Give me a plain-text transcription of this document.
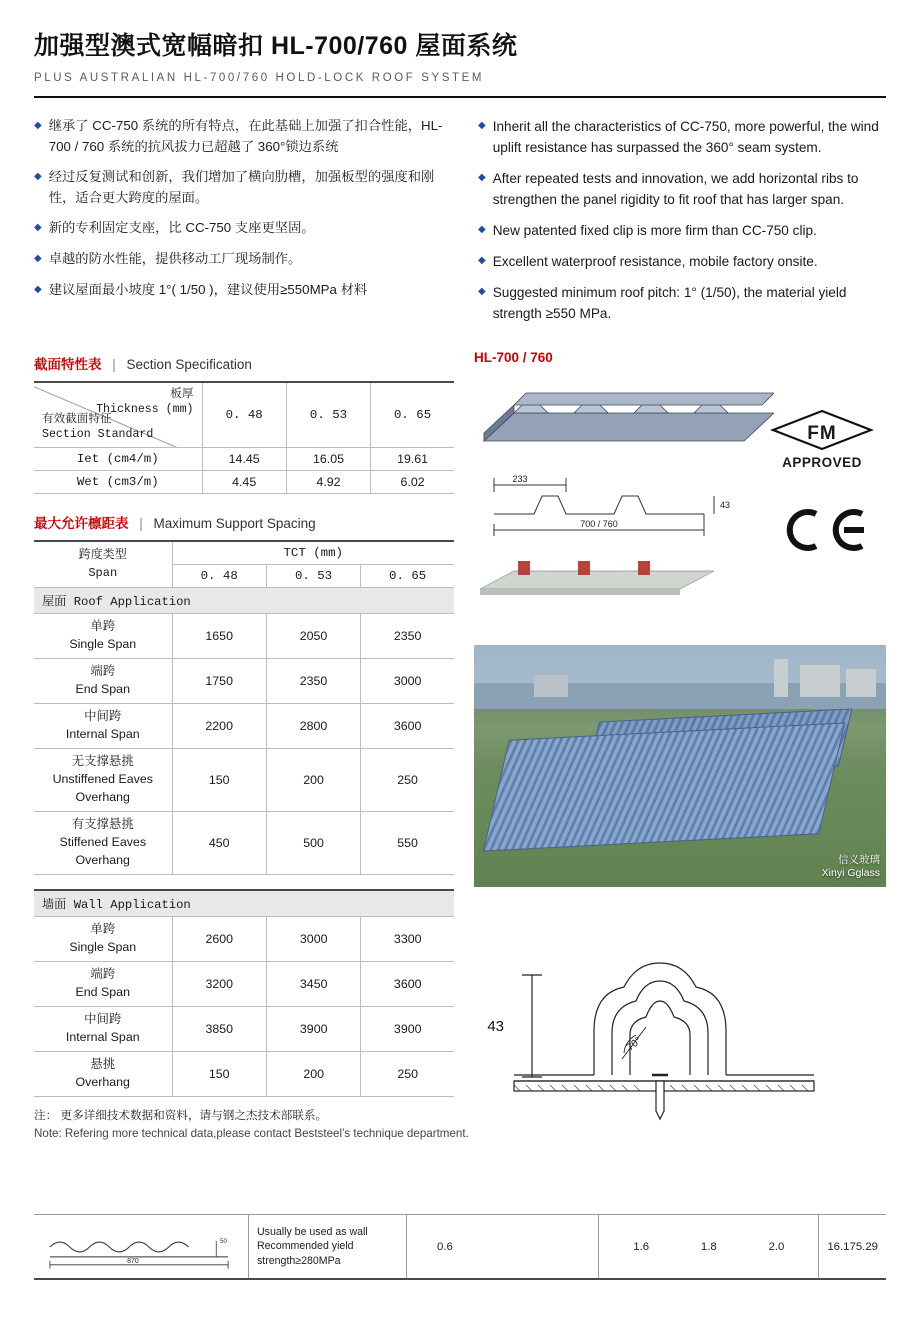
加强型澳式宽幅暗扣 HL-700/760 屋面系统
PLUS AUSTRALIAN HL-700/760 HOLD-LOCK ROOF SYSTEM
◆ 继承了 CC-750 系统的所有特点，在此基础上加强了扣合性能，HL-700 / 760 系统的抗风拔力已超越了 360°锁边系统
◆ 经过反复测试和创新，我们增加了横向肋槽，加强板型的强度和刚性，适合更大跨度的屋面。
◆ 新的专利固定支座，比 CC-750 支座更坚固。
◆ 卓越的防水性能，提供移动工厂现场制作。
◆ 建议屋面最小坡度 1°( 1/50 )，建议使用≥550MPa 材料
◆ Inherit all the characteristics of CC-750, more powerful, the wind uplift resistance has surpassed the 360° seam system.
◆ After repeated tests and innovation, we add horizontal ribs to strengthen the panel rigidity to fit roof that has larger span.
◆ New patented fixed clip is more firm than CC-750 clip.
◆ Excellent waterproof resistance, mobile factory onsite.
◆ Suggested minimum roof pitch: 1° (1/50), the material yield strength ≥550 MPa.
截面特性表 | Section Specification
板厚
Thickness (mm)
有效截面特征
Section Standard	0. 48	0. 53	0. 65
Iet (cm4/m)	14.45	16.05	19.61
Wet (cm3/m)	4.45	4.92	6.02
最大允许檩距表 | Maximum Support Spacing
跨度类型
Span	TCT (mm)		
	0. 48	0. 53	0. 65
屋面 Roof Application			

单跨
Single Span	1650	2050	2350

端跨
End Span	1750	2350	3000

中间跨
Internal Span	2200	2800	3600

无支撑悬挑
Unstiffened Eaves Overhang	150	200	250

有支撑悬挑
Stiffened Eaves Overhang	450	500	550
墙面 Wall Application			

单跨
Single Span	2600	3000	3300

端跨
End Span	3200	3450	3600

中间跨
Internal Span	3850	3900	3900

悬挑
Overhang	150	200	250
注： 更多详细技术数据和资料，请与钢之杰技术部联系。
Note: Refering more technical data,please contact Beststeel’s technique department.
870
50
Usually be used as wall Recommended yield strength≥280MPa
0.6	1.6	1.8	2.0	16.17 5.29
HL-700 / 760

233
700 / 760
43

FM
APPROVED
信义玻璃
Xinyi Gglass
43
70°
